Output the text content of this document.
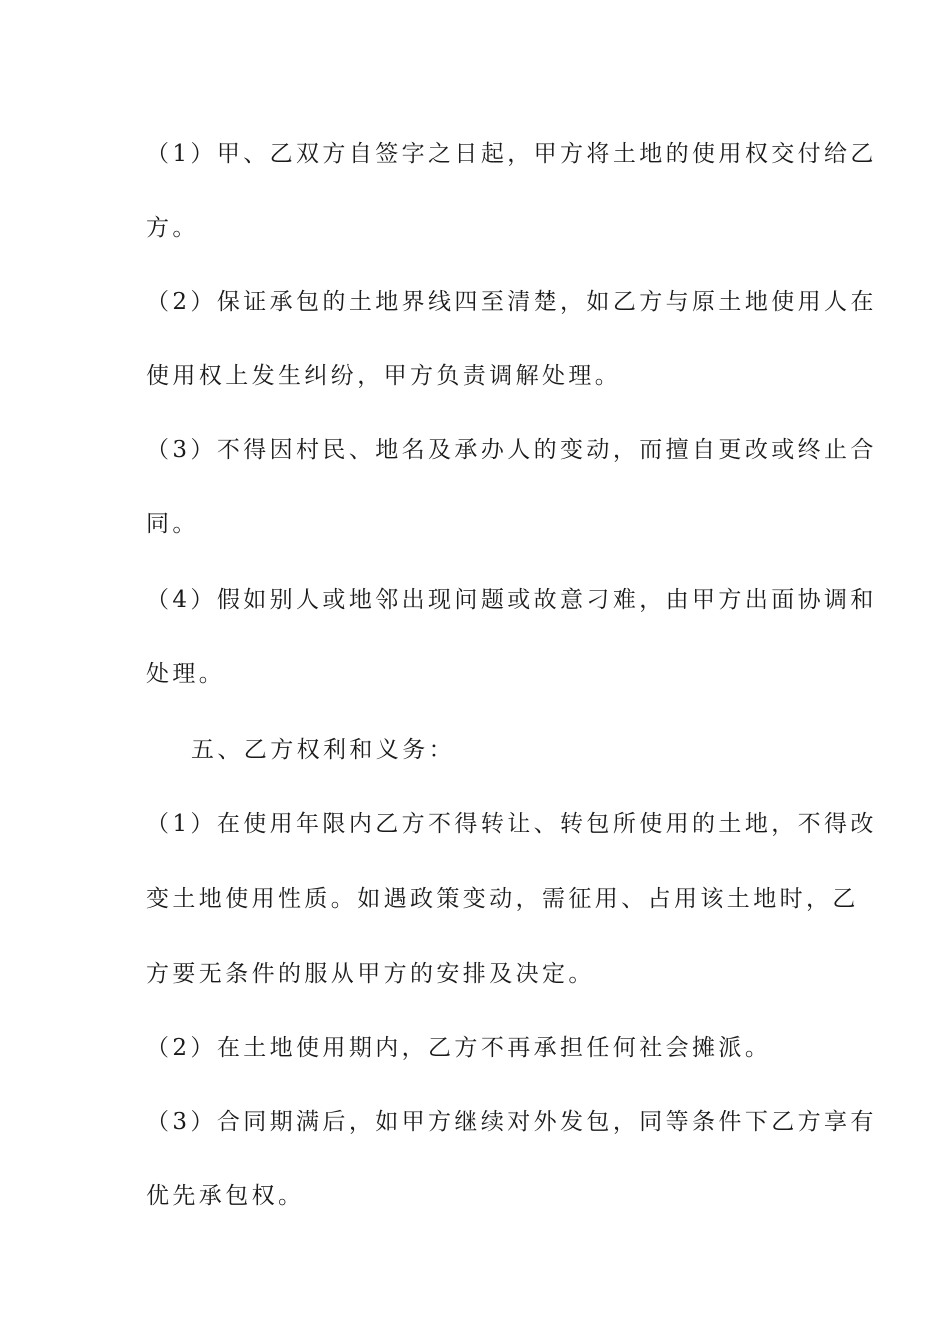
（1）甲、乙双方自签字之日起，甲方将土地的使用权交付给乙
方。
（2）保证承包的土地界线四至清楚，如乙方与原土地使用人在
使用权上发生纠纷，甲方负责调解处理。
（3）不得因村民、地名及承办人的变动，而擅自更改或终止合
同。
（4）假如别人或地邻出现问题或故意刁难，由甲方出面协调和
处理。
五、乙方权利和义务：
（1）在使用年限内乙方不得转让、转包所使用的土地，不得改
变土地使用性质。如遇政策变动，需征用、占用该土地时，乙
方要无条件的服从甲方的安排及决定。
（2）在土地使用期内，乙方不再承担任何社会摊派。
（3）合同期满后，如甲方继续对外发包，同等条件下乙方享有
优先承包权。
